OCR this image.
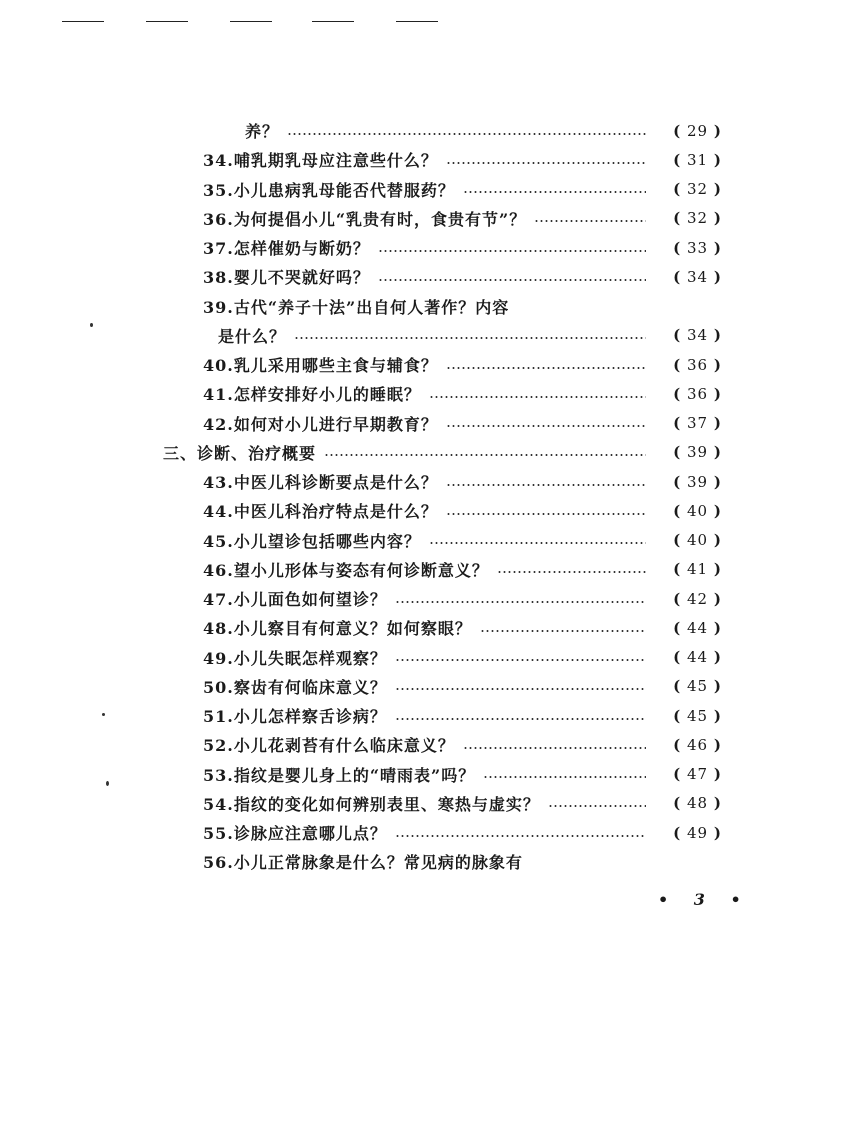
养？	( 29 )
34.哺乳期乳母应注意些什么？	( 31 )
35.小儿患病乳母能否代替服药？	( 32 )
36.为何提倡小儿“乳贵有时，食贵有节”？	( 32 )
37.怎样催奶与断奶？	( 33 )
38.婴儿不哭就好吗？	( 34 )
39.古代“养子十法”出自何人著作？内容
是什么？	( 34 )
40.乳儿采用哪些主食与辅食？	( 36 )
41.怎样安排好小儿的睡眠？	( 36 )
42.如何对小儿进行早期教育？	( 37 )
三、诊断、治疗概要	( 39 )
43.中医儿科诊断要点是什么？	( 39 )
44.中医儿科治疗特点是什么？	( 40 )
45.小儿望诊包括哪些内容？	( 40 )
46.望小儿形体与姿态有何诊断意义？	( 41 )
47.小儿面色如何望诊？	( 42 )
48.小儿察目有何意义？如何察眼？	( 44 )
49.小儿失眠怎样观察？	( 44 )
50.察齿有何临床意义？	( 45 )
51.小儿怎样察舌诊病？	( 45 )
52.小儿花剥苔有什么临床意义？	( 46 )
53.指纹是婴儿身上的“晴雨表”吗？	( 47 )
54.指纹的变化如何辨别表里、寒热与虚实？	( 48 )
55.诊脉应注意哪儿点？	( 49 )
56.小儿正常脉象是什么？常见病的脉象有
• 3 •
